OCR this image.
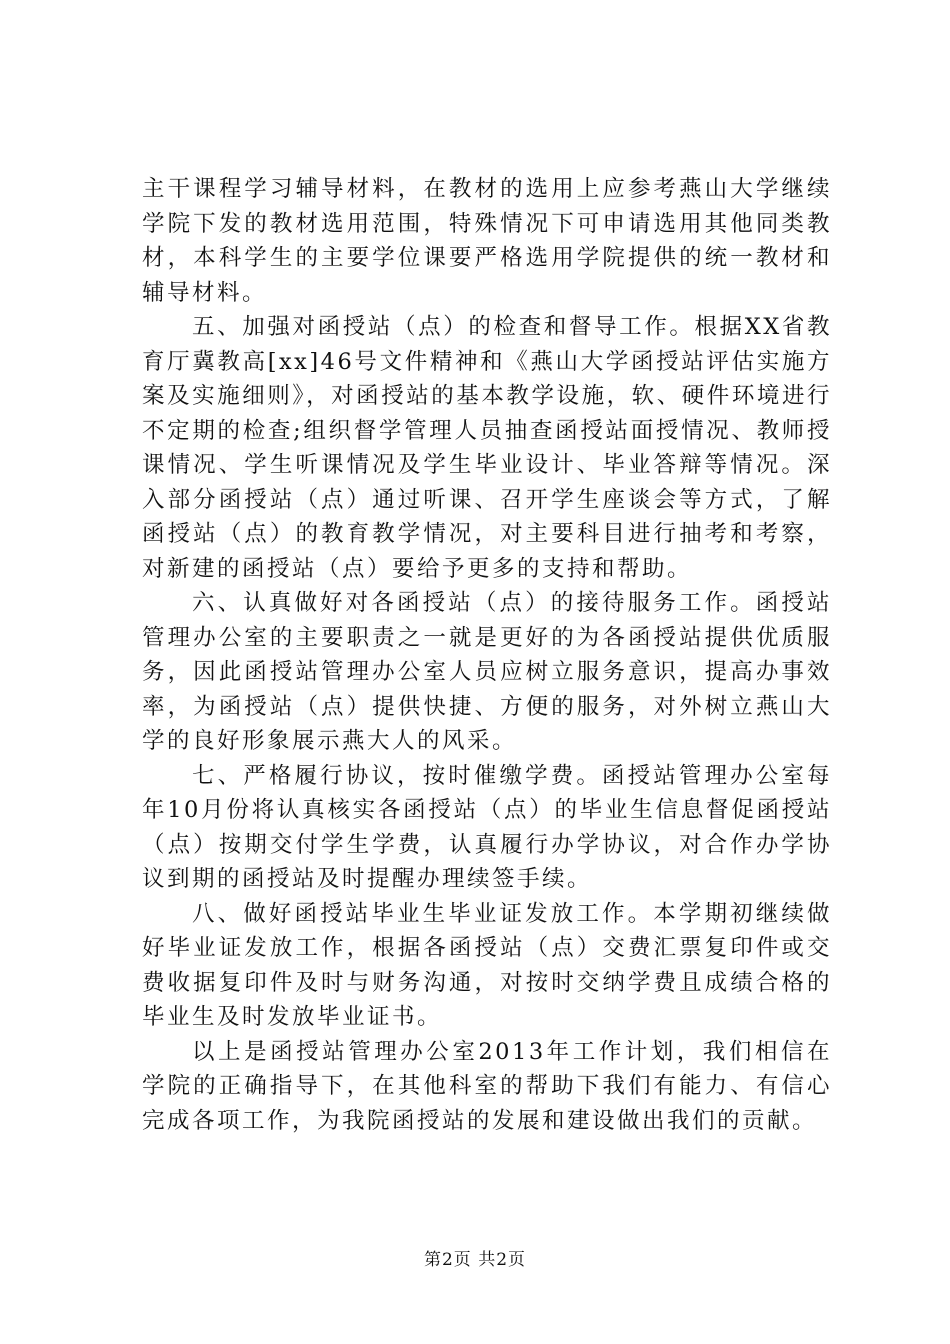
主干课程学习辅导材料，在教材的选用上应参考燕山大学继续学院下发的教材选用范围，特殊情况下可申请选用其他同类教材，本科学生的主要学位课要严格选用学院提供的统一教材和辅导材料。

五、加强对函授站（点）的检查和督导工作。根据XX省教育厅冀教高[xx]46号文件精神和《燕山大学函授站评估实施方案及实施细则》，对函授站的基本教学设施，软、硬件环境进行不定期的检查;组织督学管理人员抽查函授站面授情况、教师授课情况、学生听课情况及学生毕业设计、毕业答辩等情况。深入部分函授站（点）通过听课、召开学生座谈会等方式，了解函授站（点）的教育教学情况，对主要科目进行抽考和考察，对新建的函授站（点）要给予更多的支持和帮助。

六、认真做好对各函授站（点）的接待服务工作。函授站管理办公室的主要职责之一就是更好的为各函授站提供优质服务，因此函授站管理办公室人员应树立服务意识，提高办事效率，为函授站（点）提供快捷、方便的服务，对外树立燕山大学的良好形象展示燕大人的风采。

七、严格履行协议，按时催缴学费。函授站管理办公室每年10月份将认真核实各函授站（点）的毕业生信息督促函授站（点）按期交付学生学费，认真履行办学协议，对合作办学协议到期的函授站及时提醒办理续签手续。

八、做好函授站毕业生毕业证发放工作。本学期初继续做好毕业证发放工作，根据各函授站（点）交费汇票复印件或交费收据复印件及时与财务沟通，对按时交纳学费且成绩合格的毕业生及时发放毕业证书。

以上是函授站管理办公室2013年工作计划，我们相信在学院的正确指导下，在其他科室的帮助下我们有能力、有信心完成各项工作，为我院函授站的发展和建设做出我们的贡献。

第2页 共2页
